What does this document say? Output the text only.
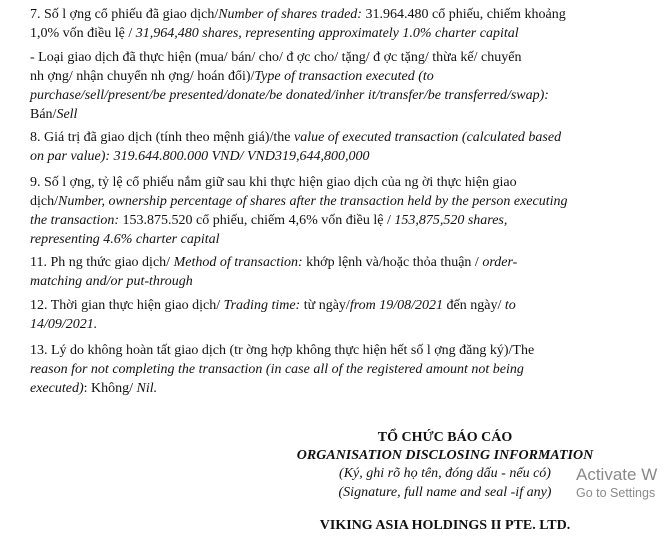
7. Số l ợng cổ phiếu đã giao dịch/Number of shares traded: 31.964.480 cổ phiếu, chiếm khoảng
1,0% vốn điều lệ / 31,964,480 shares, representing approximately 1.0% charter capital

- Loại giao dịch đã thực hiện (mua/ bán/ cho/ đ ợc cho/ tặng/ đ ợc tặng/ thừa kế/ chuyển
nh ợng/ nhận chuyển nh ợng/ hoán đổi)/Type of transaction executed (to
purchase/sell/present/be presented/donate/be donated/inher it/transfer/be transferred/swap):
Bán/Sell

8. Giá trị đã giao dịch (tính theo mệnh giá)/the value of executed transaction (calculated based
on par value): 319.644.800.000 VND/ VND319,644,800,000

9. Số l ợng, tỷ lệ cổ phiếu nắm giữ sau khi thực hiện giao dịch của ng ời thực hiện giao
dịch/Number, ownership percentage of shares after the transaction held by the person executing
the transaction: 153.875.520 cổ phiếu, chiếm 4,6% vốn điều lệ / 153,875,520 shares,
representing 4.6% charter capital

11. Ph ng thức giao dịch/ Method of transaction: khớp lệnh và/hoặc thỏa thuận / order-
matching and/or put-through

12. Thời gian thực hiện giao dịch/ Trading time: từ ngày/from 19/08/2021 đến ngày/ to
14/09/2021.

13. Lý do không hoàn tất giao dịch (tr ờng hợp không thực hiện hết số l ợng đăng ký)/The
reason for not completing the transaction (in case all of the registered amount not being
executed): Không/ Nil.

TỔ CHỨC BÁO CÁO
ORGANISATION DISCLOSING INFORMATION
(Ký, ghi rõ họ tên, đóng dấu - nếu có)
(Signature, full name and seal -if any)
VIKING ASIA HOLDINGS II PTE. LTD.
Activate W
Go to Settings
